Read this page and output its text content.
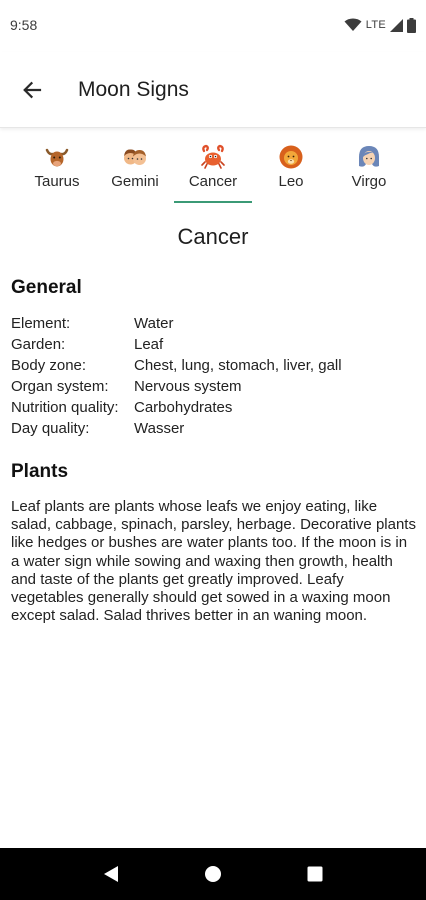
9:58	LTE
Moon Signs
Taurus Gemini Cancer	Leo	Virgo
Cancer
General
Element:	Water
Garden:	Leaf
Body zone:	Chest, lung, stomach, liver, gall
Organ system:	Nervous system
Nutrition quality:	Carbohydrates
Day quality:	Wasser
Plants

Leaf plants are plants whose leafs we enjoy eating, like salad, cabbage, spinach, parsley, herbage. Decorative plants like hedges or bushes are water plants too. If the moon is in a water sign while sowing and waxing then growth, health and taste of the plants get greatly improved. Leafy vegetables generally should get sowed in a waxing moon except salad. Salad thrives better in an waning moon.
